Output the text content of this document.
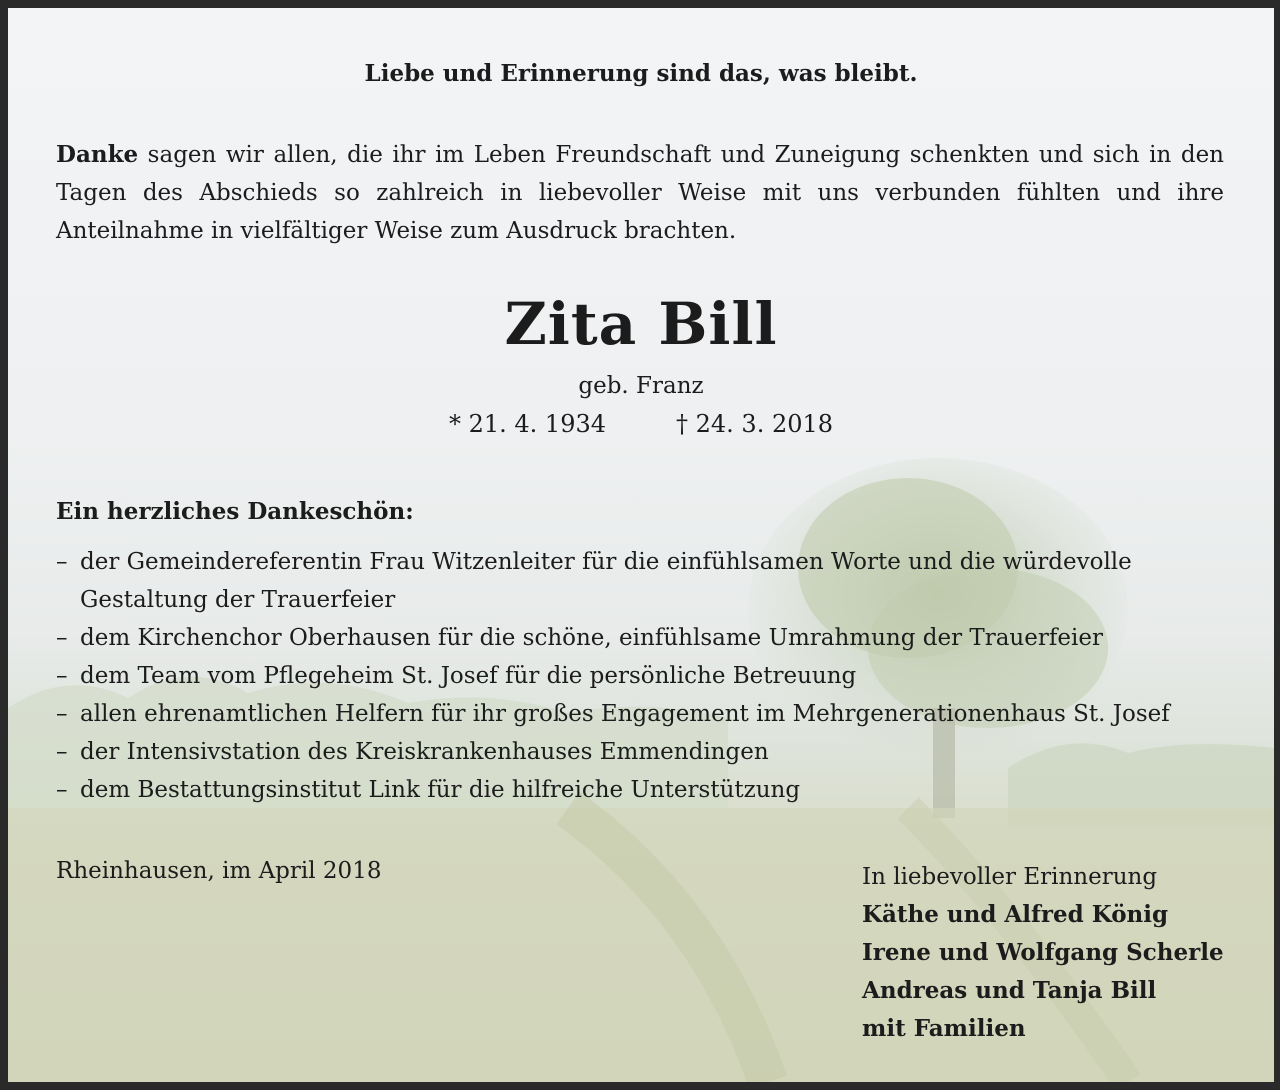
Liebe und Erinnerung sind das, was bleibt.
Danke sagen wir allen, die ihr im Leben Freundschaft und Zuneigung schenkten und sich in den Tagen des Abschieds so zahlreich in liebevoller Weise mit uns verbunden fühlten und ihre Anteilnahme in vielfältiger Weise zum Ausdruck brachten.
Zita Bill
geb. Franz
* 21. 4. 1934	† 24. 3. 2018
Ein herzliches Dankeschön:
– der Gemeindereferentin Frau Witzenleiter für die einfühlsamen Worte und die würdevolle Gestaltung der Trauerfeier
– dem Kirchenchor Oberhausen für die schöne, einfühlsame Umrahmung der Trauerfeier
– dem Team vom Pflegeheim St. Josef für die persönliche Betreuung
– allen ehrenamtlichen Helfern für ihr großes Engagement im Mehrgenerationenhaus St. Josef
– der Intensivstation des Kreiskrankenhauses Emmendingen
– dem Bestattungsinstitut Link für die hilfreiche Unterstützung
Rheinhausen, im April 2018	In liebevoller Erinnerung
Käthe und Alfred König
Irene und Wolfgang Scherle
Andreas und Tanja Bill
mit Familien
